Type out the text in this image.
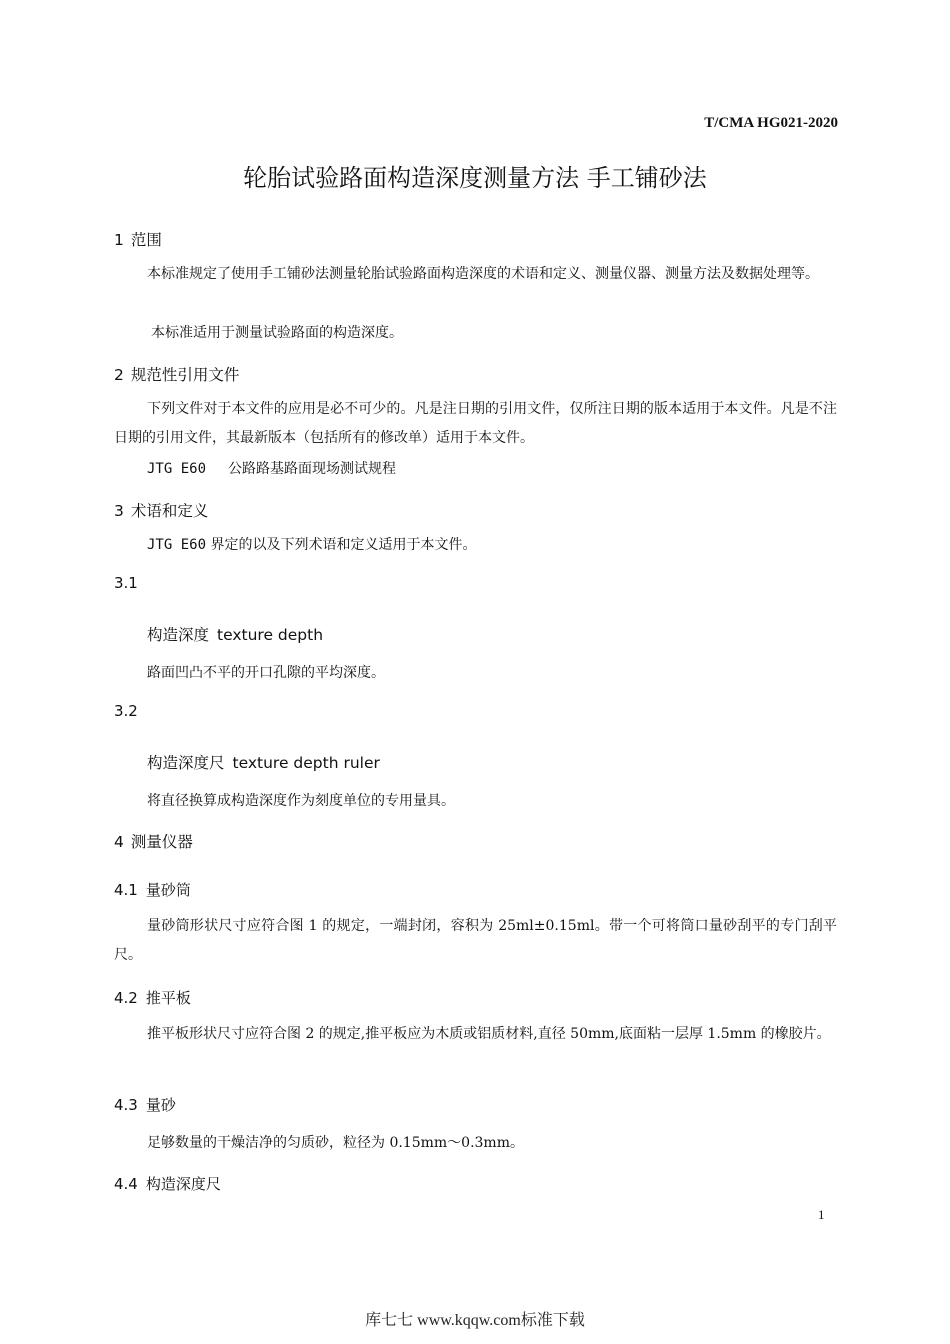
T/CMA HG021-2020
轮胎试验路面构造深度测量方法 手工铺砂法
1 范围
本标准规定了使用手工铺砂法测量轮胎试验路面构造深度的术语和定义、测量仪器、测量方法及数据处理等。
本标准适用于测量试验路面的构造深度。
2 规范性引用文件
下列文件对于本文件的应用是必不可少的。凡是注日期的引用文件，仅所注日期的版本适用于本文件。凡是不注日期的引用文件，其最新版本（包括所有的修改单）适用于本文件。
JTG E60 公路路基路面现场测试规程
3 术语和定义
JTG E60 界定的以及下列术语和定义适用于本文件。
3.1
构造深度 texture depth
路面凹凸不平的开口孔隙的平均深度。
3.2
构造深度尺 texture depth ruler
将直径换算成构造深度作为刻度单位的专用量具。
4 测量仪器
4.1 量砂筒
量砂筒形状尺寸应符合图 1 的规定，一端封闭，容积为 25ml±0.15ml。带一个可将筒口量砂刮平的专门刮平尺。
4.2 推平板
推平板形状尺寸应符合图 2 的规定,推平板应为木质或铝质材料,直径 50mm,底面粘一层厚 1.5mm 的橡胶片。
4.3 量砂
足够数量的干燥洁净的匀质砂，粒径为 0.15mm～0.3mm。
4.4 构造深度尺
1
库七七 www.kqqw.com标准下载
